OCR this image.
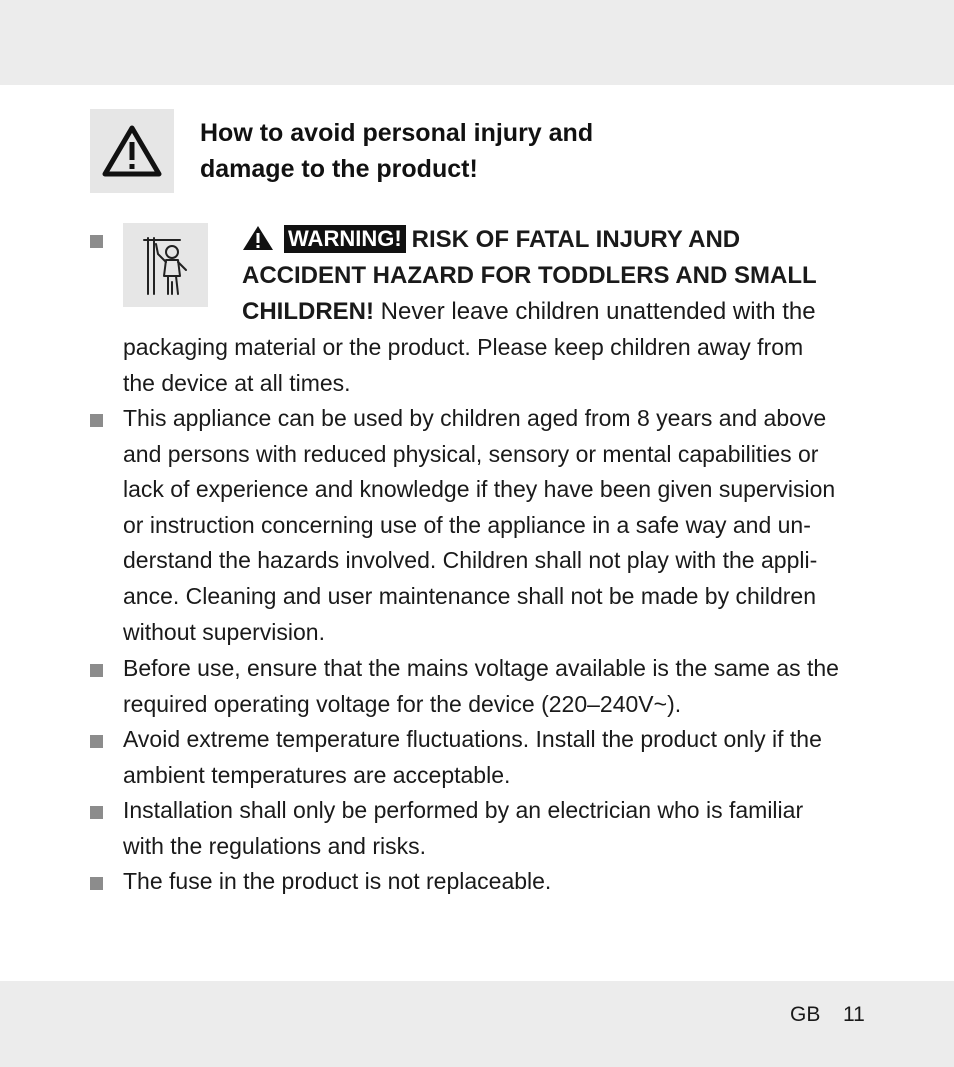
How to avoid personal injury and
damage to the product!
WARNING! RISK OF FATAL INJURY AND
ACCIDENT HAZARD FOR TODDLERS AND SMALL
CHILDREN! Never leave children unattended with the
packaging material or the product. Please keep children away from
the device at all times.
This appliance can be used by children aged from 8 years and above
and persons with reduced physical, sensory or mental capabilities or
lack of experience and knowledge if they have been given supervision
or instruction concerning use of the appliance in a safe way and un-
derstand the hazards involved. Children shall not play with the appli-
ance. Cleaning and user maintenance shall not be made by children
without supervision.
Before use, ensure that the mains voltage available is the same as the
required operating voltage for the device (220–240V~).
Avoid extreme temperature fluctuations. Install the product only if the
ambient temperatures are acceptable.
Installation shall only be performed by an electrician who is familiar
with the regulations and risks.
The fuse in the product is not replaceable.
GB 11
